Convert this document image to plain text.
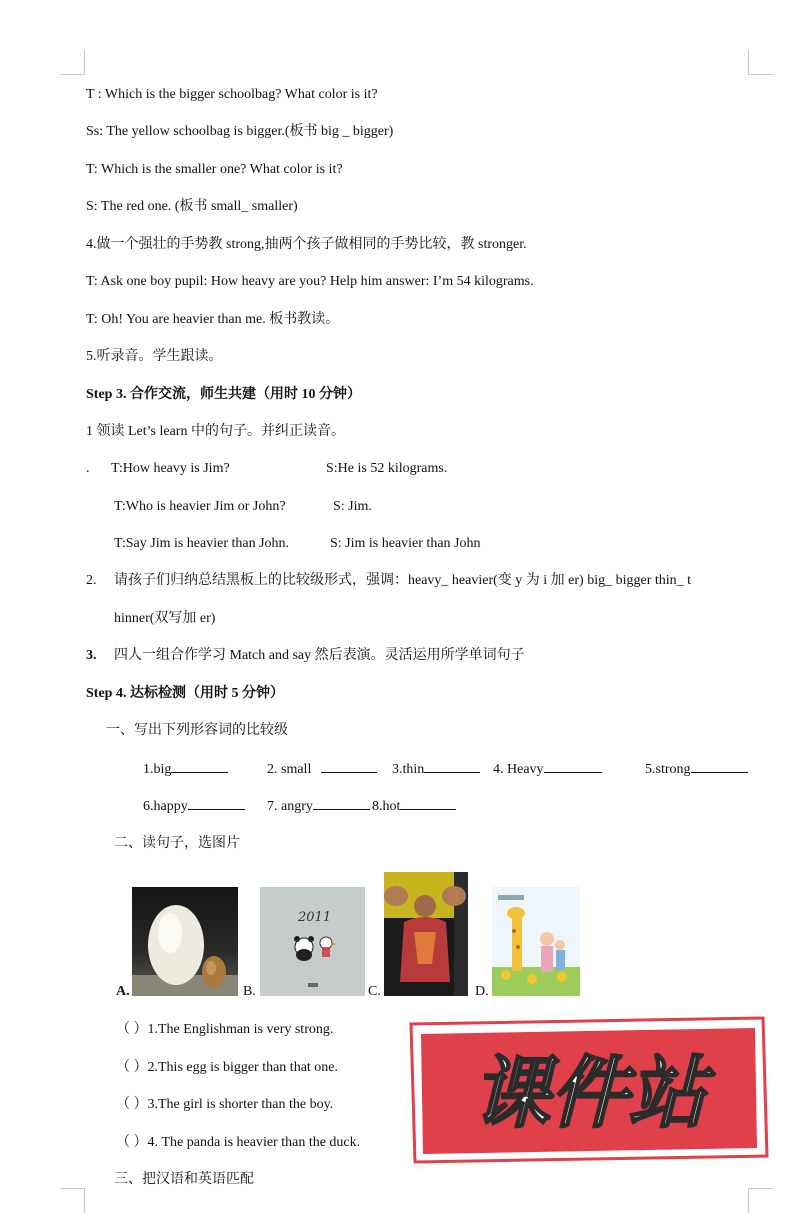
T : Which is the bigger schoolbag? What color is it?
Ss: The yellow schoolbag is bigger.(板书 big _ bigger)
T: Which is the smaller one? What color is it?
S: The red one. (板书 small_ smaller)
4.做一个强壮的手势教 strong,抽两个孩子做相同的手势比较，教 stronger.
T: Ask one boy pupil: How heavy are you? Help him answer: I’m 54 kilograms.
T: Oh! You are heavier than me. 板书教读。
5.听录音。学生跟读。
Step 3. 合作交流，师生共建（用时 10 分钟）
1 领读 Let’s learn 中的句子。并纠正读音。
. T:How heavy is Jim?	S:He is 52 kilograms.
T:Who is heavier Jim or John?	S: Jim.
T:Say Jim is heavier than John.	S: Jim is heavier than John
2. 请孩子们归纳总结黑板上的比较级形式，强调：heavy_ heavier(变 y 为 i 加 er) big_ bigger thin_ t
hinner(双写加 er)
3. 四人一组合作学习 Match and say 然后表演。灵活运用所学单词句子
Step 4. 达标检测（用时 5 分钟）
一、写出下列形容词的比较级
1.big	2. small	3.thin	4. Heavy	5.strong
6.happy	7. angry	8.hot
二、读句子，选图片
A.
2011
B.	C.	D.
（ ）1.The Englishman is very strong.
（ ）2.This egg is bigger than that one.
（ ）3.The girl is shorter than the boy.
（ ）4. The panda is heavier than the duck.
三、把汉语和英语匹配
课件站
